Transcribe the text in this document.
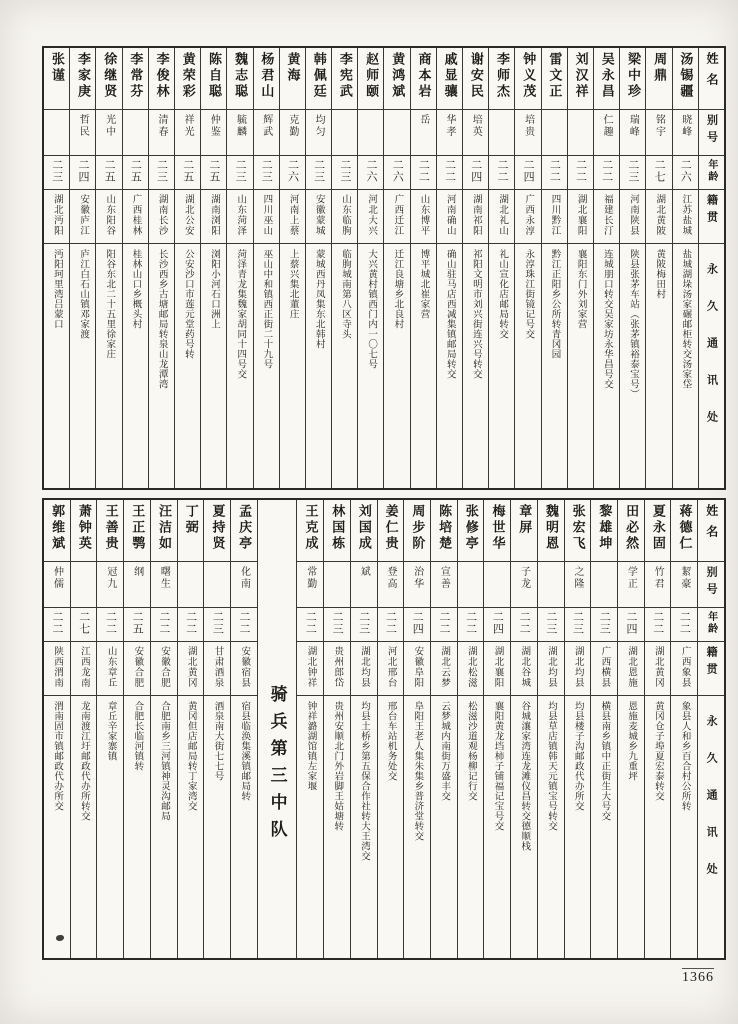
张谨
二三
湖北沔阳
沔阳珂里湾吕蒙口
李家庚
哲民
二四
安徽庐江
庐江白石山镇邓家渡
徐继贤
光中
二五
山东阳谷
阳谷东北二十五里徐家庄
李常芬
二五
广西桂林
桂林山口乡概头村
李俊林
清春
二三
湖南长沙
长沙西乡古塘邮局转泉山龙潭湾
黄荣彩
祥光
二五
湖北公安
公安沙口市莲元堂药号转
陈自聪
仲鉴
二五
湖南浏阳
浏阳小河石口洲上
魏志聪
毓麟
二三
山东菏泽
菏泽青龙集魏家胡同十四号交
杨君山
辉武
二三
四川巫山
巫山中和镇西正街二十九号
黄海
克勤
二六
河南上蔡
上蔡兴集北董庄
韩佩廷
均匀
二三
安徽蒙城
蒙城西丹凤集东北韩村
李宪武
二三
山东临朐
临朐城南第八区寺头
赵师颐
二六
河北大兴
大兴黄村镇西门内一〇七号
黄鸿斌
二六
广西迁江
迁江良塘乡北良村
商本岩
岳
二二
山东博平
博平城北崔家营
戚显骧
华孝
二二
河南确山
确山驻马店西减集镇邮局转交
谢安民
培英
二四
湖南祁阳
祁阳文明市刘兴街连兴号转交
李师杰
二二
湖北礼山
礼山宣化店邮局转交
钟义茂
培贵
二四
广西永淳
永淳珠江街镜记号交
雷文正
二二
四川黔江
黔江正阳乡公所转青冈园
刘汉祥
二二
湖北襄阳
襄阳东门外刘家营
吴永昌
仁趣
二二
福建长汀
连城朋口转交吴家坊永华昌号交
梁中珍
瑞峰
二三
河南陕县
陕县张茅车站（张茅镇裕泰宝号）
周鼎
铭宇
二七
湖北黄陂
黄陂梅田村
汤锡疆
晓峰
二六
江苏盐城
盐城湖垛汤家碾邮柜转交汤家垈
姓名
别号
年龄
籍贯
永久通讯处
郭维斌
仲儒
二二
陕西渭南
渭南固市镇邮政代办所交
萧钟英
二七
江西龙南
龙南渡江圩邮政代办所转交
王善贵
冠九
二二
山东章丘
章丘辛家寨镇
王正鹗
纲
二五
安徽合肥
合肥长临河镇转
汪洁如
曙生
二二
安徽合肥
合肥南乡三河镇神灵沟邮局
丁弼
二二
湖北黄冈
黄冈但店邮局转丁家湾交
夏持贤
二三
甘肃酒泉
酒泉南大街七七号
孟庆亭
化南
二二
安徽宿县
宿县临涣集溪镇邮局转 骑兵第三中队
王克成
常勤
二二
湖北钟祥
钟祥潞湖馆镇左家堰
林国栋
二三
贵州郎岱
贵州安顺北门外岩脚王姑塘转
刘国成
斌
二三
湖北均县
均县土桥乡第五保合作社转大王湾交
姜仁贵
登高
二二
河北邢台
邢台车站机务处交
周步阶
治华
二四
安徽阜阳
阜阳王老人集朱集乡普济堂转交
陈培楚
宣善
二二
湖北云梦
云梦城内南街万盛丰交
张修亭
二二
湖北松滋
松滋沙道观杨柳记行交
梅世华
二四
湖北襄阳
襄阳黄龙垱柿子铺福记宝号交
章屏
子龙
二二
湖北谷城
谷城瀼家湾连龙滩仪昌转交德顺栈
魏明恩
二三
湖北均县
均县草店镇韩天元镇宝号转交
张宏飞
之隆
二三
湖北均县
均县楼子沟邮政代办所交
黎雄坤
二三
广西横县
横县南乡镇中正街生大号交
田必然
学正
二四
湖北恩施
恩施麦城乡九重坪
夏永固
竹君
二二
湖北黄冈
黄冈仓子埠夏宏泰转交
蒋德仁
絜豪
二二
广西象县
象县人和乡百合村公所转
姓名
别号
年龄
籍贯
永久通讯处
1366
